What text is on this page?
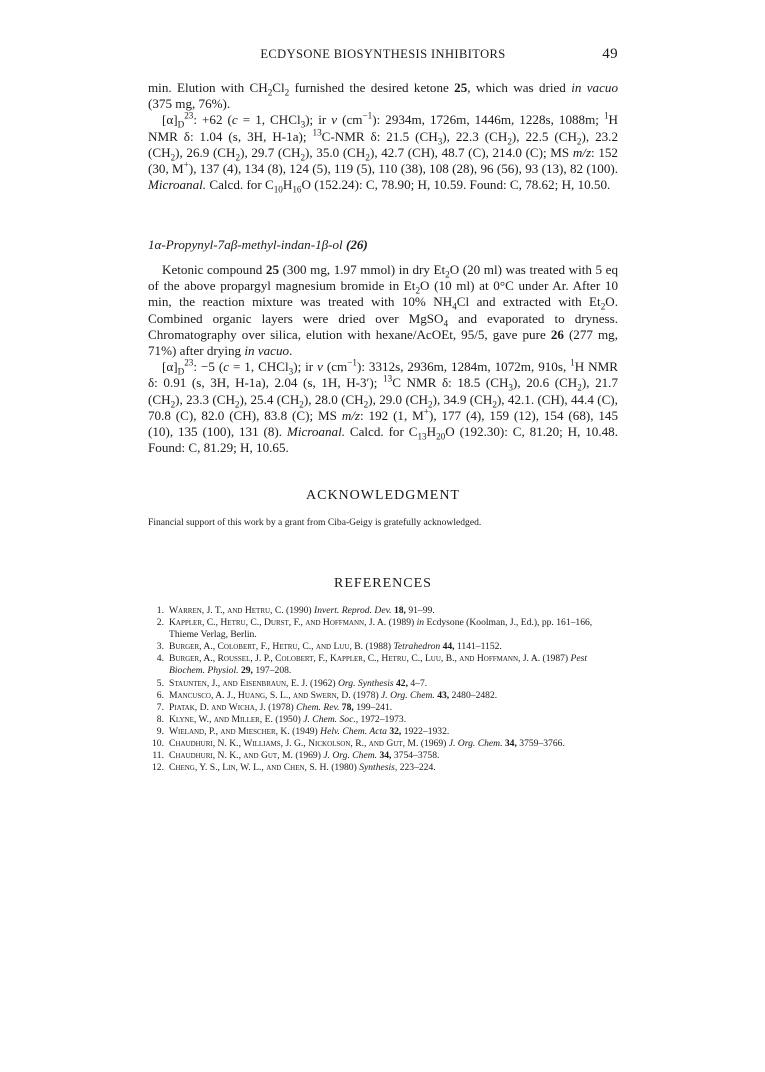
ECDYSONE BIOSYNTHESIS INHIBITORS	49

min. Elution with $CH_2Cl_2$ furnished the desired ketone 25, which was dried in vacuo (375 mg, 76%).

$[\alpha]_D^{23}$: +62 (c = 1, CHCl$_3$); ir ν $(cm^{-1})$: 2934m, 1726m, 1446m, 1228s, 1088m; $^1$H NMR δ: 1.04 (s, 3H, H-1a); $^{13}$C-NMR δ: 21.5 $(CH_3)$, 22.3 $(CH_2)$, 22.5 $(CH_2)$, 23.2 $(CH_2)$, 26.9 $(CH_2)$, 29.7 $(CH_2)$, 35.0 $(CH_2)$, 42.7 (CH), 48.7 (C), 214.0 (C); MS m/z: 152 (30, M+), 137 (4), 134 (8), 124 (5), 119 (5), 110 (38), 108 (28), 96 (56), 93 (13), 82 (100). Microanal. Calcd. for $C_{10}H_{16}O$ (152.24): C, 78.90; H, 10.59. Found: C, 78.62; H, 10.50.

1α-Propynyl-7aβ-methyl-indan-1β-ol (26)

Ketonic compound 25 (300 mg, 1.97 mmol) in dry $Et_2O$ (20 ml) was treated with 5 eq of the above propargyl magnesium bromide in $Et_2O$ (10 ml) at 0°C under Ar. After 10 min, the reaction mixture was treated with 10% $NH_4Cl$ and extracted with $Et_2O$. Combined organic layers were dried over MgSO$_4$ and evaporated to dryness. Chromatography over silica, elution with hexane/AcOEt, 95/5, gave pure 26 (277 mg, 71%) after drying in vacuo.

$[\alpha]_D^{23}$: −5 (c = 1, CHCl$_3$); ir ν $(cm^{-1})$: 3312s, 2936m, 1284m, 1072m, 910s, $^1$H NMR δ: 0.91 (s, 3H, H-1a), 2.04 (s, 1H, H-3′); $^{13}$C NMR δ: 18.5 $(CH_3)$, 20.6 $(CH_2)$, 21.7 $(CH_2)$, 23.3 $(CH_2)$, 25.4 $(CH_2)$, 28.0 $(CH_2)$, 29.0 $(CH_2)$, 34.9 $(CH_2)$, 42.1. (CH), 44.4 (C), 70.8 (C), 82.0 (CH), 83.8 (C); MS m/z: 192 (1, M+), 177 (4), 159 (12), 154 (68), 145 (10), 135 (100), 131 (8). Microanal. Calcd. for $C_{13}H_{20}O$ (192.30): C, 81.20; H, 10.48. Found: C, 81.29; H, 10.65.

ACKNOWLEDGMENT

Financial support of this work by a grant from Ciba-Geigy is gratefully acknowledged.

REFERENCES

1. Warren, J. T., and Hetru, C. (1990) Invert. Reprod. Dev. 18, 91–99.
2. Kappler, C., Hetru, C., Durst, F., and Hoffmann, J. A. (1989) in Ecdysone (Koolman, J., Ed.), pp. 161–166, Thieme Verlag, Berlin.
3. Burger, A., Colobert, F., Hetru, C., and Luu, B. (1988) Tetrahedron 44, 1141–1152.
4. Burger, A., Roussel, J. P., Colobert, F., Kappler, C., Hetru, C., Luu, B., and Hoffmann, J. A. (1987) Pest Biochem. Physiol. 29, 197–208.
5. Staunten, J., and Eisenbraun, E. J. (1962) Org. Synthesis 42, 4–7.
6. Mancusco, A. J., Huang, S. L., and Swern, D. (1978) J. Org. Chem. 43, 2480–2482.
7. Piatak, D. and Wicha, J. (1978) Chem. Rev. 78, 199–241.
8. Klyne, W., and Miller, E. (1950) J. Chem. Soc., 1972–1973.
9. Wieland, P., and Miescher, K. (1949) Helv. Chem. Acta 32, 1922–1932.
10. Chaudhuri, N. K., Williams, J. G., Nickolson, R., and Gut, M. (1969) J. Org. Chem. 34, 3759–3766.
11. Chaudhuri, N. K., and Gut, M. (1969) J. Org. Chem. 34, 3754–3758.
12. Cheng, Y. S., Lin, W. L., and Chen, S. H. (1980) Synthesis, 223–224.
